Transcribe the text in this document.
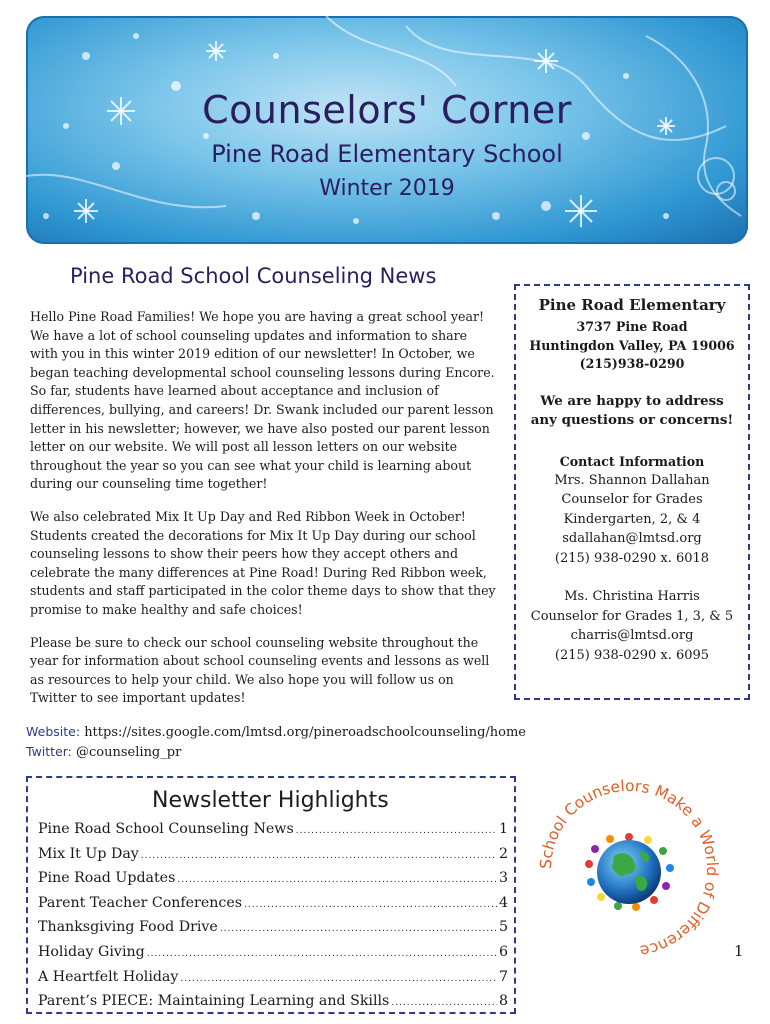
Counselors' Corner
Pine Road Elementary School
Winter 2019
Pine Road School Counseling News

Hello Pine Road Families! We hope you are having a great school year! We have a lot of school counseling updates and information to share with you in this winter 2019 edition of our newsletter! In October, we began teaching developmental school counseling lessons during Encore. So far, students have learned about acceptance and inclusion of differences, bullying, and careers! Dr. Swank included our parent lesson letter in his newsletter; however, we have also posted our parent lesson letter on our website. We will post all lesson letters on our website throughout the year so you can see what your child is learning about during our counseling time together!

We also celebrated Mix It Up Day and Red Ribbon Week in October! Students created the decorations for Mix It Up Day during our school counseling lessons to show their peers how they accept others and celebrate the many differences at Pine Road! During Red Ribbon week, students and staff participated in the color theme days to show that they promise to make healthy and safe choices!

Please be sure to check our school counseling website throughout the year for information about school counseling events and lessons as well as resources to help your child. We also hope you will follow us on Twitter to see important updates!

Pine Road Elementary
3737 Pine Road
Huntingdon Valley, PA 19006
(215)938-0290
We are happy to address
any questions or concerns!
Contact Information
Mrs. Shannon Dallahan
Counselor for Grades
Kindergarten, 2, & 4
sdallahan@lmtsd.org
(215) 938-0290 x. 6018
Ms. Christina Harris
Counselor for Grades 1, 3, & 5
charris@lmtsd.org
(215) 938-0290 x. 6095
Website: https://sites.google.com/lmtsd.org/pineroadschoolcounseling/home
Twitter: @counseling_pr
Newsletter Highlights
Pine Road School Counseling News .....	1
Mix It Up Day .....	2
Pine Road Updates .....	3
Parent Teacher Conferences .....	4
Thanksgiving Food Drive .....	5
Holiday Giving .....	6
A Heartfelt Holiday .....	7
Parent’s PIECE: Maintaining Learning and Skills .....	8
School Counselors Make a World of Difference	1
